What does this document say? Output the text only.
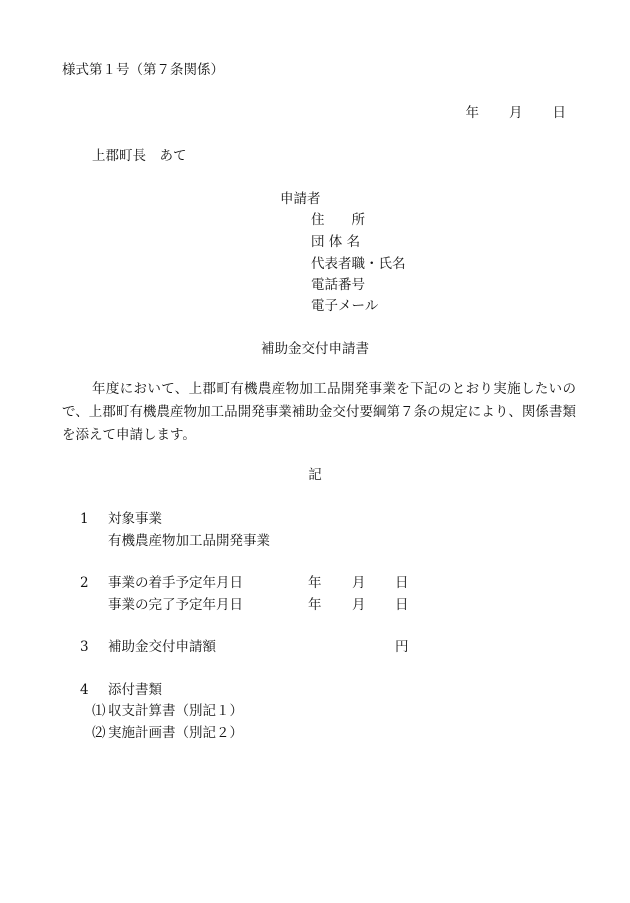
様式第１号（第７条関係）
年 月 日
上郡町長　あて
申請者
住　　所
団 体 名
代表者職・氏名
電話番号
電子メール
補助金交付申請書
年度において、上郡町有機農産物加工品開発事業を下記のとおり実施したいので、上郡町有機農産物加工品開発事業補助金交付要綱第７条の規定により、関係書類を添えて申請します。
記
1 対象事業
有機農産物加工品開発事業
2 事業の着手予定年月日	年 月 日
事業の完了予定年月日	年 月 日
3 補助金交付申請額	円
4 添付書類
⑴ 収支計算書（別記１）
⑵ 実施計画書（別記２）
